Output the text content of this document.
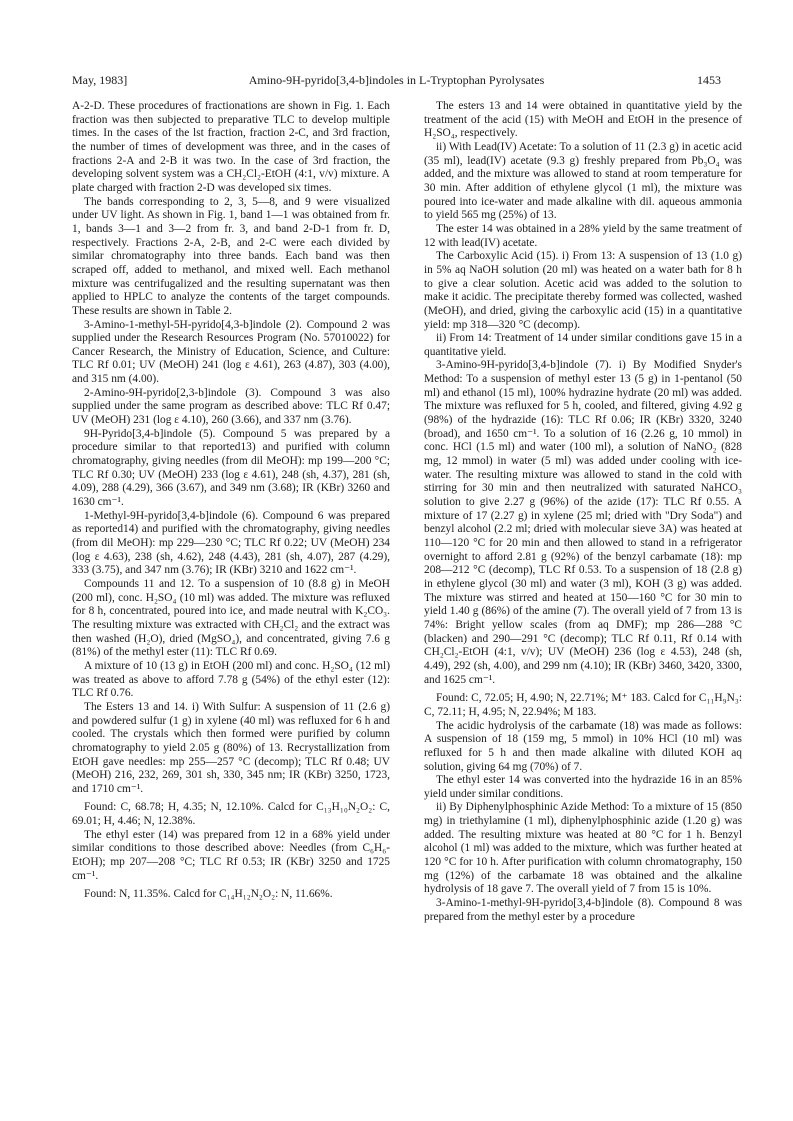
May, 1983]	Amino-9H-pyrido[3,4-b]indoles in L-Tryptophan Pyrolysates	1453

A-2-D. These procedures of fractionations are shown in Fig. 1. Each fraction was then subjected to preparative TLC to develop multiple times. In the cases of the lst fraction, fraction 2-C, and 3rd fraction, the number of times of development was three, and in the cases of fractions 2-A and 2-B it was two. In the case of 3rd fraction, the developing solvent system was a CH₂Cl₂-EtOH (4:1, v/v) mixture. A plate charged with fraction 2-D was developed six times.

The bands corresponding to 2, 3, 5—8, and 9 were visualized under UV light. As shown in Fig. 1, band 1—1 was obtained from fr. 1, bands 3—1 and 3—2 from fr. 3, and band 2-D-1 from fr. D, respectively. Fractions 2-A, 2-B, and 2-C were each divided by similar chromatography into three bands. Each band was then scraped off, added to methanol, and mixed well. Each methanol mixture was centrifugalized and the resulting supernatant was then applied to HPLC to analyze the contents of the target compounds. These results are shown in Table 2.

3-Amino-1-methyl-5H-pyrido[4,3-b]indole (2). Compound 2 was supplied under the Research Resources Program (No. 57010022) for Cancer Research, the Ministry of Education, Science, and Culture: TLC Rf 0.01; UV (MeOH) 241 (log ε 4.61), 263 (4.87), 303 (4.00), and 315 nm (4.00).

2-Amino-9H-pyrido[2,3-b]indole (3). Compound 3 was also supplied under the same program as described above: TLC Rf 0.47; UV (MeOH) 231 (log ε 4.10), 260 (3.66), and 337 nm (3.76).

9H-Pyrido[3,4-b]indole (5). Compound 5 was prepared by a procedure similar to that reported13) and purified with column chromatography, giving needles (from dil MeOH): mp 199—200 °C; TLC Rf 0.30; UV (MeOH) 233 (log ε 4.61), 248 (sh, 4.37), 281 (sh, 4.09), 288 (4.29), 366 (3.67), and 349 nm (3.68); IR (KBr) 3260 and 1630 cm⁻¹.

1-Methyl-9H-pyrido[3,4-b]indole (6). Compound 6 was prepared as reported14) and purified with the chromatography, giving needles (from dil MeOH): mp 229—230 °C; TLC Rf 0.22; UV (MeOH) 234 (log ε 4.63), 238 (sh, 4.62), 248 (4.43), 281 (sh, 4.07), 287 (4.29), 333 (3.75), and 347 nm (3.76); IR (KBr) 3210 and 1622 cm⁻¹.

Compounds 11 and 12. To a suspension of 10 (8.8 g) in MeOH (200 ml), conc. H₂SO₄ (10 ml) was added. The mixture was refluxed for 8 h, concentrated, poured into ice, and made neutral with K₂CO₃. The resulting mixture was extracted with CH₂Cl₂ and the extract was then washed (H₂O), dried (MgSO₄), and concentrated, giving 7.6 g (81%) of the methyl ester (11): TLC Rf 0.69.

A mixture of 10 (13 g) in EtOH (200 ml) and conc. H₂SO₄ (12 ml) was treated as above to afford 7.78 g (54%) of the ethyl ester (12): TLC Rf 0.76.

The Esters 13 and 14. i) With Sulfur: A suspension of 11 (2.6 g) and powdered sulfur (1 g) in xylene (40 ml) was refluxed for 6 h and cooled. The crystals which then formed were purified by column chromatography to yield 2.05 g (80%) of 13. Recrystallization from EtOH gave needles: mp 255—257 °C (decomp); TLC Rf 0.48; UV (MeOH) 216, 232, 269, 301 sh, 330, 345 nm; IR (KBr) 3250, 1723, and 1710 cm⁻¹.

Found: C, 68.78; H, 4.35; N, 12.10%. Calcd for C₁₃H₁₀N₂O₂: C, 69.01; H, 4.46; N, 12.38%.

The ethyl ester (14) was prepared from 12 in a 68% yield under similar conditions to those described above: Needles (from C₆H₆-EtOH); mp 207—208 °C; TLC Rf 0.53; IR (KBr) 3250 and 1725 cm⁻¹.

Found: N, 11.35%. Calcd for C₁₄H₁₂N₂O₂: N, 11.66%.

The esters 13 and 14 were obtained in quantitative yield by the treatment of the acid (15) with MeOH and EtOH in the presence of H₂SO₄, respectively.

ii) With Lead(IV) Acetate: To a solution of 11 (2.3 g) in acetic acid (35 ml), lead(IV) acetate (9.3 g) freshly prepared from Pb₃O₄ was added, and the mixture was allowed to stand at room temperature for 30 min. After addition of ethylene glycol (1 ml), the mixture was poured into ice-water and made alkaline with dil. aqueous ammonia to yield 565 mg (25%) of 13.

The ester 14 was obtained in a 28% yield by the same treatment of 12 with lead(IV) acetate.

The Carboxylic Acid (15). i) From 13: A suspension of 13 (1.0 g) in 5% aq NaOH solution (20 ml) was heated on a water bath for 8 h to give a clear solution. Acetic acid was added to the solution to make it acidic. The precipitate thereby formed was collected, washed (MeOH), and dried, giving the carboxylic acid (15) in a quantitative yield: mp 318—320 °C (decomp).

ii) From 14: Treatment of 14 under similar conditions gave 15 in a quantitative yield.

3-Amino-9H-pyrido[3,4-b]indole (7). i) By Modified Snyder's Method: To a suspension of methyl ester 13 (5 g) in 1-pentanol (50 ml) and ethanol (15 ml), 100% hydrazine hydrate (20 ml) was added. The mixture was refluxed for 5 h, cooled, and filtered, giving 4.92 g (98%) of the hydrazide (16): TLC Rf 0.06; IR (KBr) 3320, 3240 (broad), and 1650 cm⁻¹. To a solution of 16 (2.26 g, 10 mmol) in conc. HCl (1.5 ml) and water (100 ml), a solution of NaNO₂ (828 mg, 12 mmol) in water (5 ml) was added under cooling with ice-water. The resulting mixture was allowed to stand in the cold with stirring for 30 min and then neutralized with saturated NaHCO₃ solution to give 2.27 g (96%) of the azide (17): TLC Rf 0.55. A mixture of 17 (2.27 g) in xylene (25 ml; dried with "Dry Soda") and benzyl alcohol (2.2 ml; dried with molecular sieve 3A) was heated at 110—120 °C for 20 min and then allowed to stand in a refrigerator overnight to afford 2.81 g (92%) of the benzyl carbamate (18): mp 208—212 °C (decomp), TLC Rf 0.53. To a suspension of 18 (2.8 g) in ethylene glycol (30 ml) and water (3 ml), KOH (3 g) was added. The mixture was stirred and heated at 150—160 °C for 30 min to yield 1.40 g (86%) of the amine (7). The overall yield of 7 from 13 is 74%: Bright yellow scales (from aq DMF); mp 286—288 °C (blacken) and 290—291 °C (decomp); TLC Rf 0.11, Rf 0.14 with CH₂Cl₂-EtOH (4:1, v/v); UV (MeOH) 236 (log ε 4.53), 248 (sh, 4.49), 292 (sh, 4.00), and 299 nm (4.10); IR (KBr) 3460, 3420, 3300, and 1625 cm⁻¹.

Found: C, 72.05; H, 4.90; N, 22.71%; M⁺ 183. Calcd for C₁₁H₉N₃: C, 72.11; H, 4.95; N, 22.94%; M 183.

The acidic hydrolysis of the carbamate (18) was made as follows: A suspension of 18 (159 mg, 5 mmol) in 10% HCl (10 ml) was refluxed for 5 h and then made alkaline with diluted KOH aq solution, giving 64 mg (70%) of 7.

The ethyl ester 14 was converted into the hydrazide 16 in an 85% yield under similar conditions.

ii) By Diphenylphosphinic Azide Method: To a mixture of 15 (850 mg) in triethylamine (1 ml), diphenylphosphinic azide (1.20 g) was added. The resulting mixture was heated at 80 °C for 1 h. Benzyl alcohol (1 ml) was added to the mixture, which was further heated at 120 °C for 10 h. After purification with column chromatography, 150 mg (12%) of the carbamate 18 was obtained and the alkaline hydrolysis of 18 gave 7. The overall yield of 7 from 15 is 10%.

3-Amino-1-methyl-9H-pyrido[3,4-b]indole (8). Compound 8 was prepared from the methyl ester by a procedure
